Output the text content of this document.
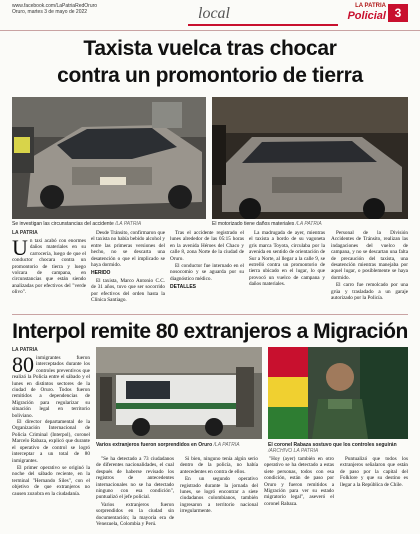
www.facebook.com/LaPatriaRedOruro
Oruro, martes 3 de mayo de 2022	local	LA PATRIA
Policial 3
Taxista vuelca tras chocar
contra un promontorio de tierra
Se investigan las circunstancias del accidente /LA PATRIA	El motorizado tiene daños materiales /LA PATRIA
LA PATRIA
Un taxi acabó con enormes daños materiales en su carrocería, luego de que el conductor chocara contra un promontorio de tierra y luego volcara de campana, en circunstancias que están siendo analizadas por efectivos del "verde olivo".

Desde Tránsito, confirmaron que el taxista no había bebido alcohol y entre las primeras versiones del hecho, no se descarta una desatención o que el implicado se haya dormido.

HERIDO

El taxista, Marco Antonio C.C. de 31 años, tuvo que ser socorrido por efectivos del orden hasta la Clínica Santiago.

Tras el accidente registrado el lunes alrededor de las 05:15 horas en la avenida Héroes del Chaco y calle 8, zona Norte de la ciudad de Oruro.

El conductor fue internado en el nosocomio y se aguarda por su diagnóstico médico.

DETALLES

La madrugada de ayer, mientras el taxista a bordo de su vagoneta gris marca Toyota, circulaba por la avenida en sentido de orientación de Sur a Norte, al llegar a la calle 9, se estrelló contra un promontorio de tierra ubicado en el lugar, lo que provocó un vuelco de campana y daños materiales.

Personal de la División Accidentes de Tránsito, realizan las indagaciones del vuelco de campana, y no se descartan una falta de precaución del taxista, una desatención mientras manejaba por aquel lugar, o posiblemente se haya dormido.

El carro fue remolcado por una grúa y trasladado a un garaje autorizado por la Policía.

Interpol remite 80 extranjeros a Migración
LA PATRIA
80 inmigrantes fueron interceptados durante los controles preventivos que realizó la Policía entre el sábado y el lunes en distintos sectores de la ciudad de Oruro. Todos fueron remitidos a dependencias de Migración para regularizar su situación legal en territorio boliviano.

El director departamental de la Organización Internacional de Policía Criminal (Interpol), coronel Marcelo Rabaza, explicó que durante el operativo de control se logró interceptar a un total de 80 inmigrantes.

El primer operativo se originó la noche del sábado reciente, en la terminal "Hernando Siles", con el objetivo de que extranjeros no causen zozobra en la ciudadanía.

Varios extranjeros fueron sorprendidos en Oruro /LA PATRIA	El coronel Rabaza sostuvo que los controles seguirán
/ARCHIVO LA PATRIA

"Se ha detectado a 73 ciudadanos de diferentes nacionalidades, el cual después de haberse revisado los registros de antecedentes internacionales no se ha detectado ninguno con esa condición", puntualizó el jefe policial.

Varios extranjeros fueron sorprendidos en la ciudad sin documentación; la mayoría era de Venezuela, Colombia y Perú.

Si bien, ninguno tenía algún serio dentro de la policía, no había antecedentes en contra de ellos.

En un segundo operativo registrado durante la jornada del lunes, se logró encontrar a siete ciudadanos colombianos, también ingresaron a territorio nacional irregularmente.

"Hoy (ayer) también en otro operativo se ha detectado a estas siete personas, todos con esa condición, están de paso por Oruro y fueron remitidos a Migración para ver su estado migratorio legal", aseveró el coronel Rabaza.

Puntualizó que todos los extranjeros señalaron que están de paso por la capital del Folklore y que su destino es llegar a la República de Chile.
